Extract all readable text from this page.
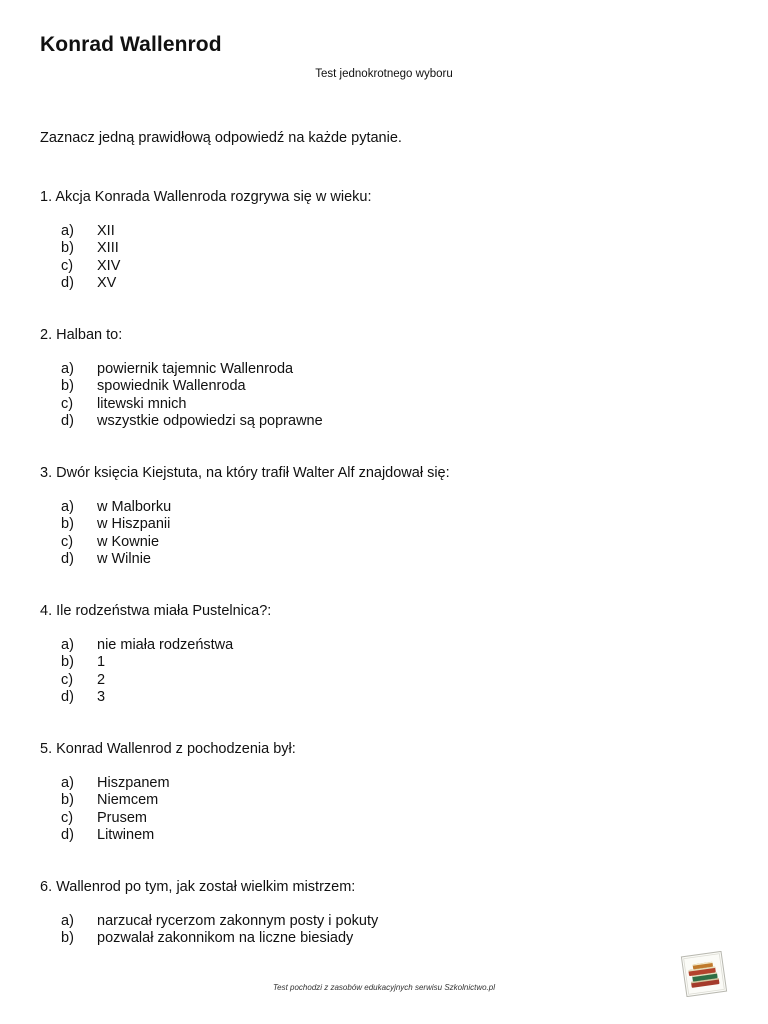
Konrad Wallenrod
Test jednokrotnego wyboru
Zaznacz jedną prawidłową odpowiedź na każde pytanie.

1. Akcja Konrada Wallenroda rozgrywa się w wieku:

a) XII
b) XIII
c) XIV
d) XV

2. Halban to:

a) powiernik tajemnic Wallenroda
b) spowiednik Wallenroda
c) litewski mnich
d) wszystkie odpowiedzi są poprawne

3. Dwór księcia Kiejstuta, na który trafił Walter Alf znajdował się:

a) w Malborku
b) w Hiszpanii
c) w Kownie
d) w Wilnie

4. Ile rodzeństwa miała Pustelnica?:

a) nie miała rodzeństwa
b) 1
c) 2
d) 3

5. Konrad Wallenrod z pochodzenia był:

a) Hiszpanem
b) Niemcem
c) Prusem
d) Litwinem

6. Wallenrod po tym, jak został wielkim mistrzem:

a) narzucał rycerzom zakonnym posty i pokuty
b) pozwalał zakonnikom na liczne biesiady
Test pochodzi z zasobów edukacyjnych serwisu Szkolnictwo.pl
